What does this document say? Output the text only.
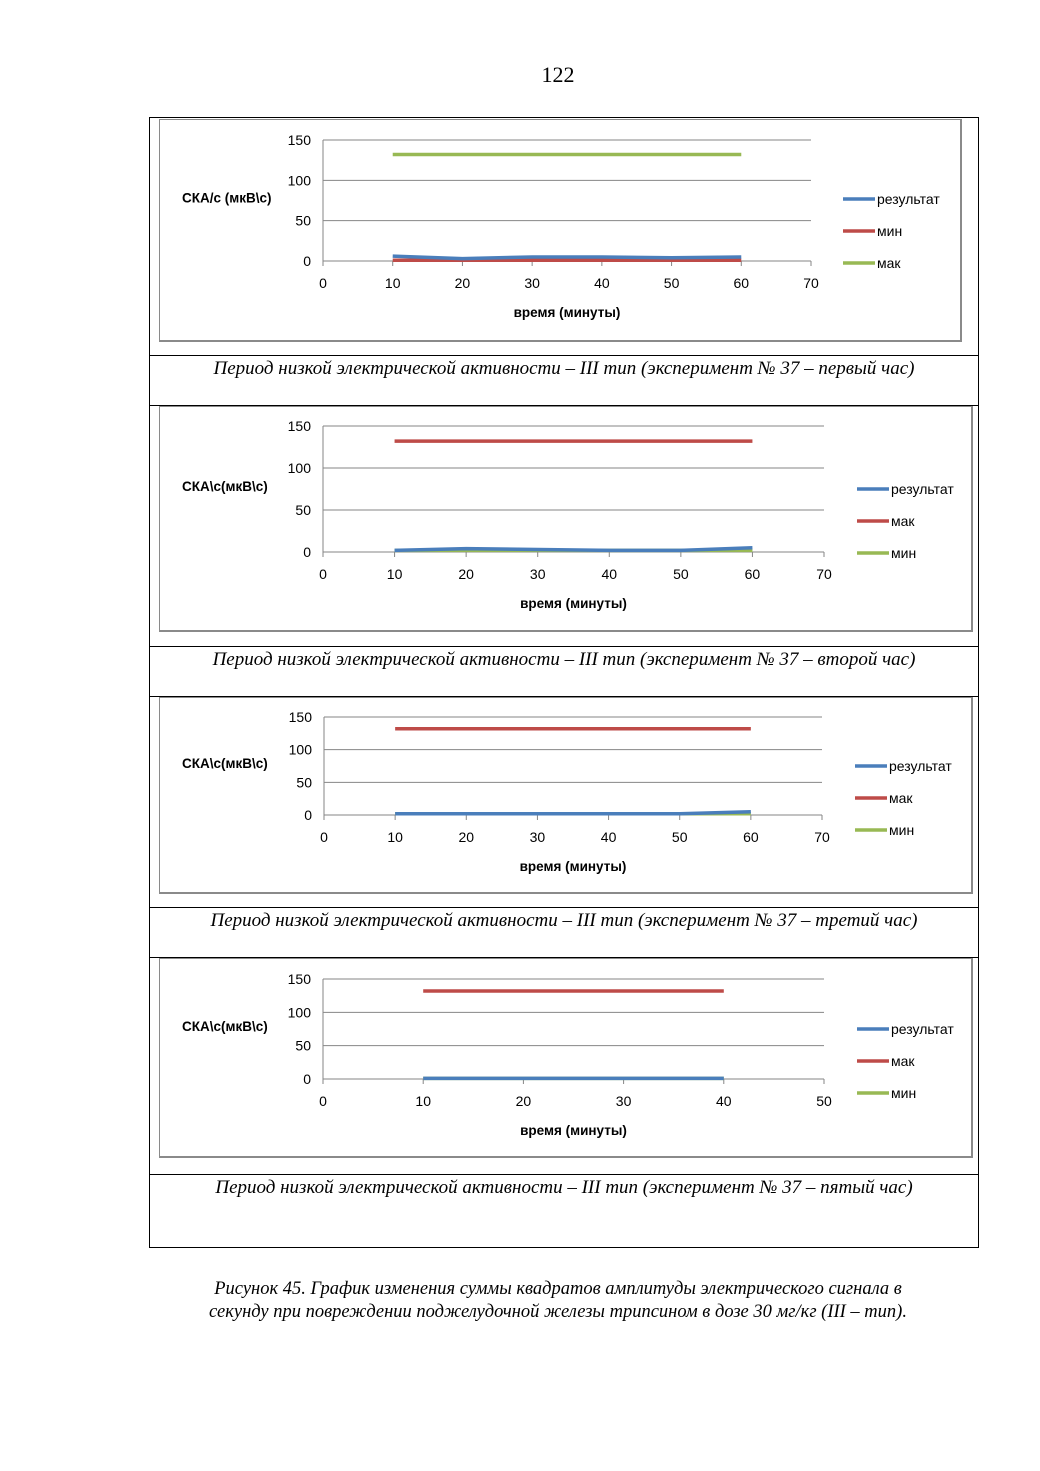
122
0
50
100
150
0	10	20	30	40	50	60	70
СКА/с (мкВ\с)
время (минуты)
результат
мин
мак
Период низкой электрической активности – III тип (эксперимент № 37 – первый час)
0
50
100
150
0	10	20	30	40	50	60	70
СКА\с(мкВ\с)
время (минуты)
результат
мак
мин
Период низкой электрической активности – III тип (эксперимент № 37 – второй час)
0
50
100
150
0	10	20	30	40	50	60	70
СКА\с(мкВ\с)
время (минуты)
результат
мак
мин
Период низкой электрической активности – III тип (эксперимент № 37 – третий час)
0
50
100
150
0	10	20	30	40	50
СКА\с(мкВ\с)
время (минуты)
результат
мак
мин
Период низкой электрической активности – III тип (эксперимент № 37 – пятый час)
Рисунок 45. График изменения суммы квадратов амплитуды электрического сигнала в
секунду при повреждении поджелудочной железы трипсином в дозе 30 мг/кг (III – тип).
